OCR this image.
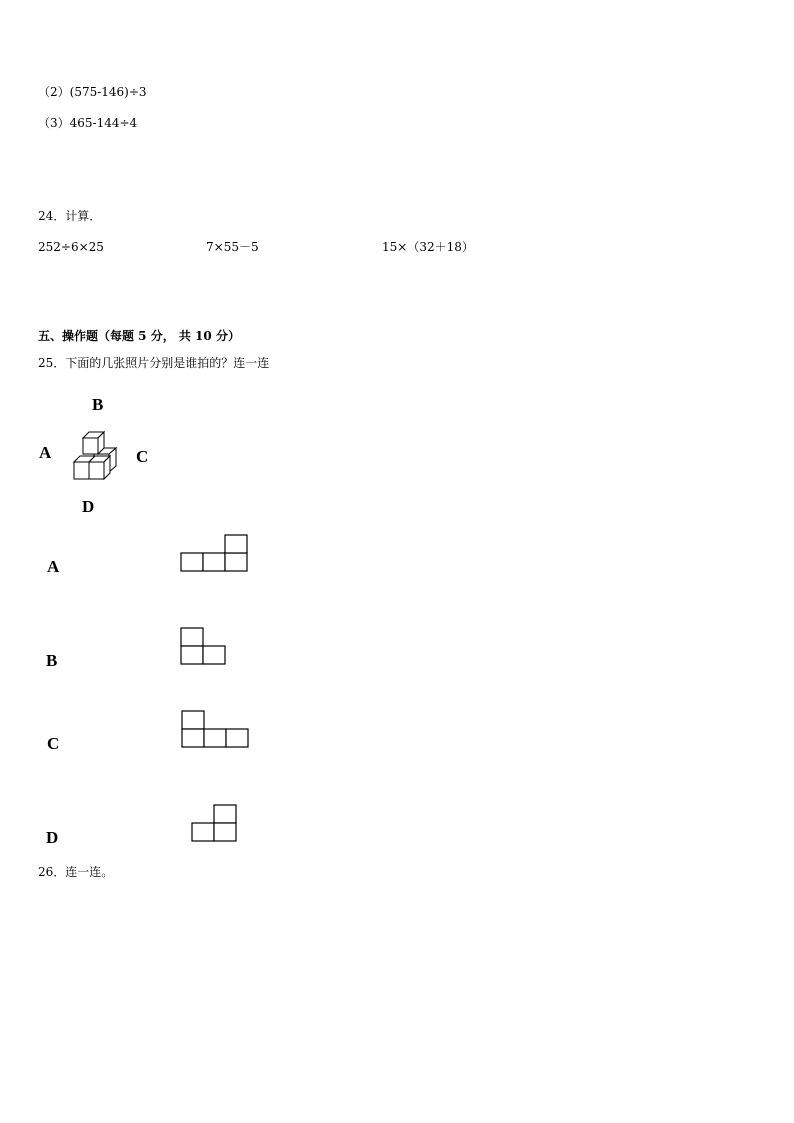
（2）(575-146)÷3
（3）465-144÷4
24．计算．
252÷6×25	7×55－5	15×（32＋18）
五、操作题（每题 5 分， 共 10 分）
25．下面的几张照片分别是谁拍的？连一连
B
A	C
D
A
B
C
D
26．连一连。
